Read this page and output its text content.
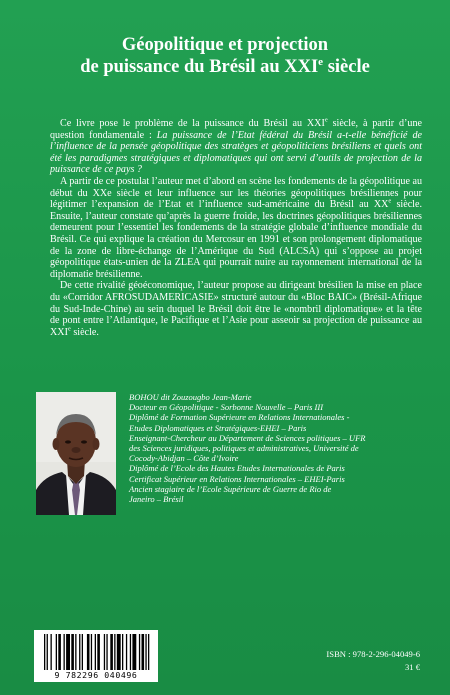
Géopolitique et projection
de puissance du Brésil au XXIe siècle

Ce livre pose le problème de la puissance du Brésil au XXIe siècle, à partir d’une question fondamentale : La puissance de l’Etat fédéral du Brésil a-t-elle bénéficié de l’influence de la pensée géopolitique des stratèges et géopoliticiens brésiliens et quels ont été les paradigmes stratégiques et diplomatiques qui ont servi d’outils de projection de la puissance de ce pays ?

A partir de ce postulat l’auteur met d’abord en scène les fondements de la géopolitique au début du XXe siècle et leur influence sur les théories géopolitiques brésiliennes pour légitimer l’expansion de l’Etat et l’influence sud-américaine du Brésil au XXe siècle. Ensuite, l’auteur constate qu’après la guerre froide, les doctrines géopolitiques brésiliennes demeurent pour l’essentiel les fondements de la stratégie globale d’influence mondiale du Brésil. Ce qui explique la création du Mercosur en 1991 et son prolongement diplomatique de la zone de libre-échange de l’Amérique du Sud (ALCSA) qui s’oppose au projet géopolitique états-unien de la ZLEA qui pourrait nuire au rayonnement international de la diplomatie brésilienne.

De cette rivalité géoéconomique, l’auteur propose au dirigeant brésilien la mise en place du «Corridor AFROSUDAMERICASIE» structuré autour du «Bloc BAIC» (Brésil-Afrique du Sud-Inde-Chine) au sein duquel le Brésil doit être le «nombril diplomatique» et la tête de pont entre l’Atlantique, le Pacifique et l’Asie pour asseoir sa projection de puissance au XXIe siècle.

BOHOU dit Zouzougbo Jean-Marie
Docteur en Géopolitique - Sorbonne Nouvelle – Paris III
Diplômé de Formation Supérieure en Relations Internationales -
Etudes Diplomatiques et Stratégiques-EHEI – Paris
Enseignant-Chercheur au Département de Sciences politiques – UFR
des Sciences juridiques, politiques et administratives, Université de
Cocody-Abidjan – Côte d’Ivoire
Diplômé de l’Ecole des Hautes Etudes Internationales de Paris
Certificat Supérieur en Relations Internationales – EHEI-Paris
Ancien stagiaire de l’Ecole Supérieure de Guerre de Rio de
Janeiro – Brésil
9 782296 040496
ISBN : 978-2-296-04049-6
31 €
